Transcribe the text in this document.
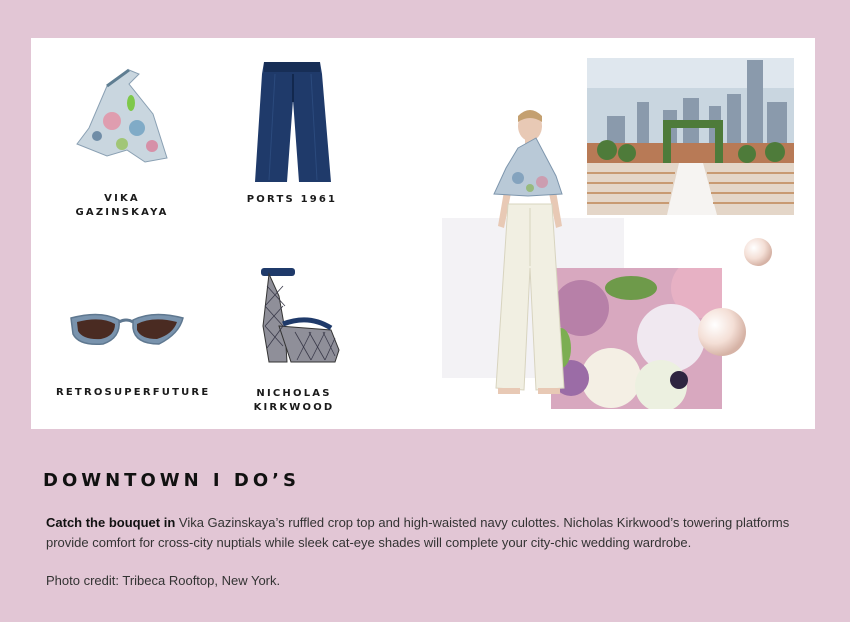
VIKA
GAZINSKAYA
PORTS 1961
RETROSUPERFUTURE	NICHOLAS
KIRKWOOD
DOWNTOWN I DO’S
Catch the bouquet in Vika Gazinskaya’s ruffled crop top and high-waisted navy culottes. Nicholas Kirkwood’s towering platforms provide comfort for cross-city nuptials while sleek cat-eye shades will complete your city-chic wedding wardrobe.
Photo credit: Tribeca Rooftop, New York.
